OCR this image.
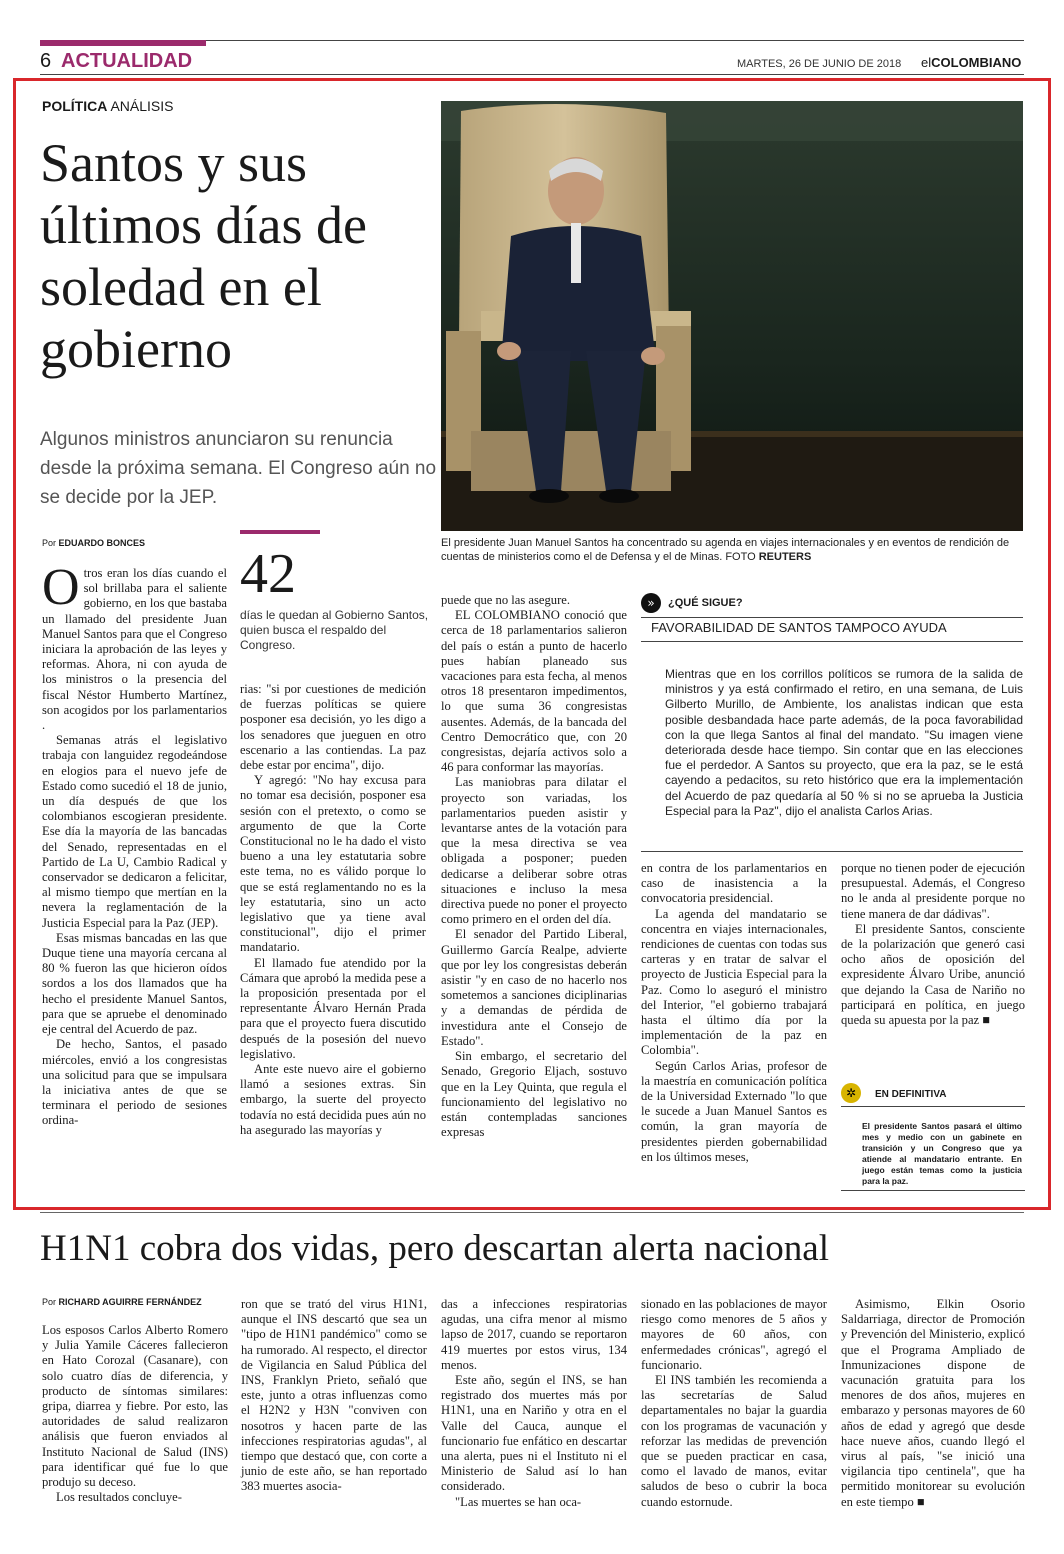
6 ACTUALIDAD	MARTES, 26 DE JUNIO DE 2018 elCOLOMBIANO
POLÍTICA ANÁLISIS
Santos y sus últimos días de soledad en el gobierno
Algunos ministros anunciaron su renuncia desde la próxima semana. El Congreso aún no se decide por la JEP.
El presidente Juan Manuel Santos ha concentrado su agenda en viajes internacionales y en eventos de rendición de cuentas de ministerios como el de Defensa y el de Minas. FOTO REUTERS
Por EDUARDO BONCES
O tros eran los días cuando el sol brillaba para el saliente gobierno, en los que bastaba un llamado del presidente Juan Manuel Santos para que el Congreso iniciara la aprobación de las leyes y reformas. Ahora, ni con ayuda de los ministros o la presencia del fiscal Néstor Humberto Martínez, son acogidos por los parlamentarios .

Semanas atrás el legislativo trabaja con languidez regodeándose en elogios para el nuevo jefe de Estado como sucedió el 18 de junio, un día después de que los colombianos escogieran presidente. Ese día la mayoría de las bancadas del Senado, representadas en el Partido de La U, Cambio Radical y conservador se dedicaron a felicitar, al mismo tiempo que mertían en la nevera la reglamentación de la Justicia Especial para la Paz (JEP).

Esas mismas bancadas en las que Duque tiene una mayoría cercana al 80 % fueron las que hicieron oídos sordos a los dos llamados que ha hecho el presidente Manuel Santos, para que se apruebe el denominado eje central del Acuerdo de paz.

De hecho, Santos, el pasado miércoles, envió a los congresistas una solicitud para que se impulsara la iniciativa antes de que se terminara el periodo de sesiones ordina-

42
días le quedan al Gobierno Santos, quien busca el respaldo del Congreso.

rias: "si por cuestiones de medición de fuerzas políticas se quiere posponer esa decisión, yo les digo a los senadores que jueguen en otro escenario a las contiendas. La paz debe estar por encima", dijo.

Y agregó: "No hay excusa para no tomar esa decisión, posponer esa sesión con el pretexto, o como se argumento de que la Corte Constitucional no le ha dado el visto bueno a una ley estatutaria sobre este tema, no es válido porque lo que se está reglamentando no es la ley estatutaria, sino un acto legislativo que ya tiene aval constitucional", dijo el primer mandatario.

El llamado fue atendido por la Cámara que aprobó la medida pese a la proposición presentada por el representante Álvaro Hernán Prada para que el proyecto fuera discutido después de la posesión del nuevo legislativo.

Ante este nuevo aire el gobierno llamó a sesiones extras. Sin embargo, la suerte del proyecto todavía no está decidida pues aún no ha asegurado las mayorías y

puede que no las asegure.

EL COLOMBIANO conoció que cerca de 18 parlamentarios salieron del país o están a punto de hacerlo pues habían planeado sus vacaciones para esta fecha, al menos otros 18 presentaron impedimentos, lo que suma 36 congresistas ausentes. Además, de la bancada del Centro Democrático que, con 20 congresistas, dejaría activos solo a 46 para conformar las mayorías.

Las maniobras para dilatar el proyecto son variadas, los parlamentarios pueden asistir y levantarse antes de la votación para que la mesa directiva se vea obligada a posponer; pueden dedicarse a deliberar sobre otras situaciones e incluso la mesa directiva puede no poner el proyecto como primero en el orden del día.

El senador del Partido Liberal, Guillermo García Realpe, advierte que por ley los congresistas deberán asistir "y en caso de no hacerlo nos sometemos a sanciones diciplinarias y a demandas de pérdida de investidura ante el Consejo de Estado".

Sin embargo, el secretario del Senado, Gregorio Eljach, sostuvo que en la Ley Quinta, que regula el funcionamiento del legislativo no están contempladas sanciones expresas

»	¿QUÉ SIGUE?
FAVORABILIDAD DE SANTOS TAMPOCO AYUDA
Mientras que en los corrillos políticos se rumora de la salida de ministros y ya está confirmado el retiro, en una semana, de Luis Gilberto Murillo, de Ambiente, los analistas indican que esta posible desbandada hace parte además, de la poca favorabilidad con la que llega Santos al final del mandato. "Su imagen viene deteriorada desde hace tiempo. Sin contar que en las elecciones fue el perdedor. A Santos su proyecto, que era la paz, se le está cayendo a pedacitos, su reto histórico que era la implementación del Acuerdo de paz quedaría al 50 % si no se aprueba la Justicia Especial para la Paz", dijo el analista Carlos Arias.

en contra de los parlamentarios en caso de inasistencia a la convocatoria presidencial.

La agenda del mandatario se concentra en viajes internacionales, rendiciones de cuentas con todas sus carteras y en tratar de salvar el proyecto de Justicia Especial para la Paz. Como lo aseguró el ministro del Interior, "el gobierno trabajará hasta el último día por la implementación de la paz en Colombia".

Según Carlos Arias, profesor de la maestría en comunicación política de la Universidad Externado "lo que le sucede a Juan Manuel Santos es común, la gran mayoría de presidentes pierden gobernabilidad en los últimos meses,

porque no tienen poder de ejecución presupuestal. Además, el Congreso no le anda al presidente porque no tiene manera de dar dádivas".

El presidente Santos, consciente de la polarización que generó casi ocho años de oposición del expresidente Álvaro Uribe, anunció que dejando la Casa de Nariño no participará en política, en juego queda su apuesta por la paz ■

✲	EN DEFINITIVA
El presidente Santos pasará el último mes y medio con un gabinete en transición y un Congreso que ya atiende al mandatario entrante. En juego están temas como la justicia para la paz.
H1N1 cobra dos vidas, pero descartan alerta nacional
Por RICHARD AGUIRRE FERNÁNDEZ

Los esposos Carlos Alberto Romero y Julia Yamile Cáceres fallecieron en Hato Corozal (Casanare), con solo cuatro días de diferencia, y producto de síntomas similares: gripa, diarrea y fiebre. Por esto, las autoridades de salud realizaron análisis que fueron enviados al Instituto Nacional de Salud (INS) para identificar qué fue lo que produjo su deceso.

Los resultados concluye-

ron que se trató del virus H1N1, aunque el INS descartó que sea un "tipo de H1N1 pandémico" como se ha rumorado. Al respecto, el director de Vigilancia en Salud Pública del INS, Franklyn Prieto, señaló que este, junto a otras influenzas como el H2N2 y H3N "conviven con nosotros y hacen parte de las infecciones respiratorias agudas", al tiempo que destacó que, con corte a junio de este año, se han reportado 383 muertes asocia-

das a infecciones respiratorias agudas, una cifra menor al mismo lapso de 2017, cuando se reportaron 419 muertes por estos virus, 134 menos.

Este año, según el INS, se han registrado dos muertes más por H1N1, una en Nariño y otra en el Valle del Cauca, aunque el funcionario fue enfático en descartar una alerta, pues ni el Instituto ni el Ministerio de Salud así lo han considerado.

"Las muertes se han oca-

sionado en las poblaciones de mayor riesgo como menores de 5 años y mayores de 60 años, con enfermedades crónicas", agregó el funcionario.

El INS también les recomienda a las secretarías de Salud departamentales no bajar la guardia con los programas de vacunación y reforzar las medidas de prevención que se pueden practicar en casa, como el lavado de manos, evitar saludos de beso o cubrir la boca cuando estornude.

Asimismo, Elkin Osorio Saldarriaga, director de Promoción y Prevención del Ministerio, explicó que el Programa Ampliado de Inmunizaciones dispone de vacunación gratuita para los menores de dos años, mujeres en embarazo y personas mayores de 60 años de edad y agregó que desde hace nueve años, cuando llegó el virus al país, "se inició una vigilancia tipo centinela", que ha permitido monitorear su evolución en este tiempo ■
